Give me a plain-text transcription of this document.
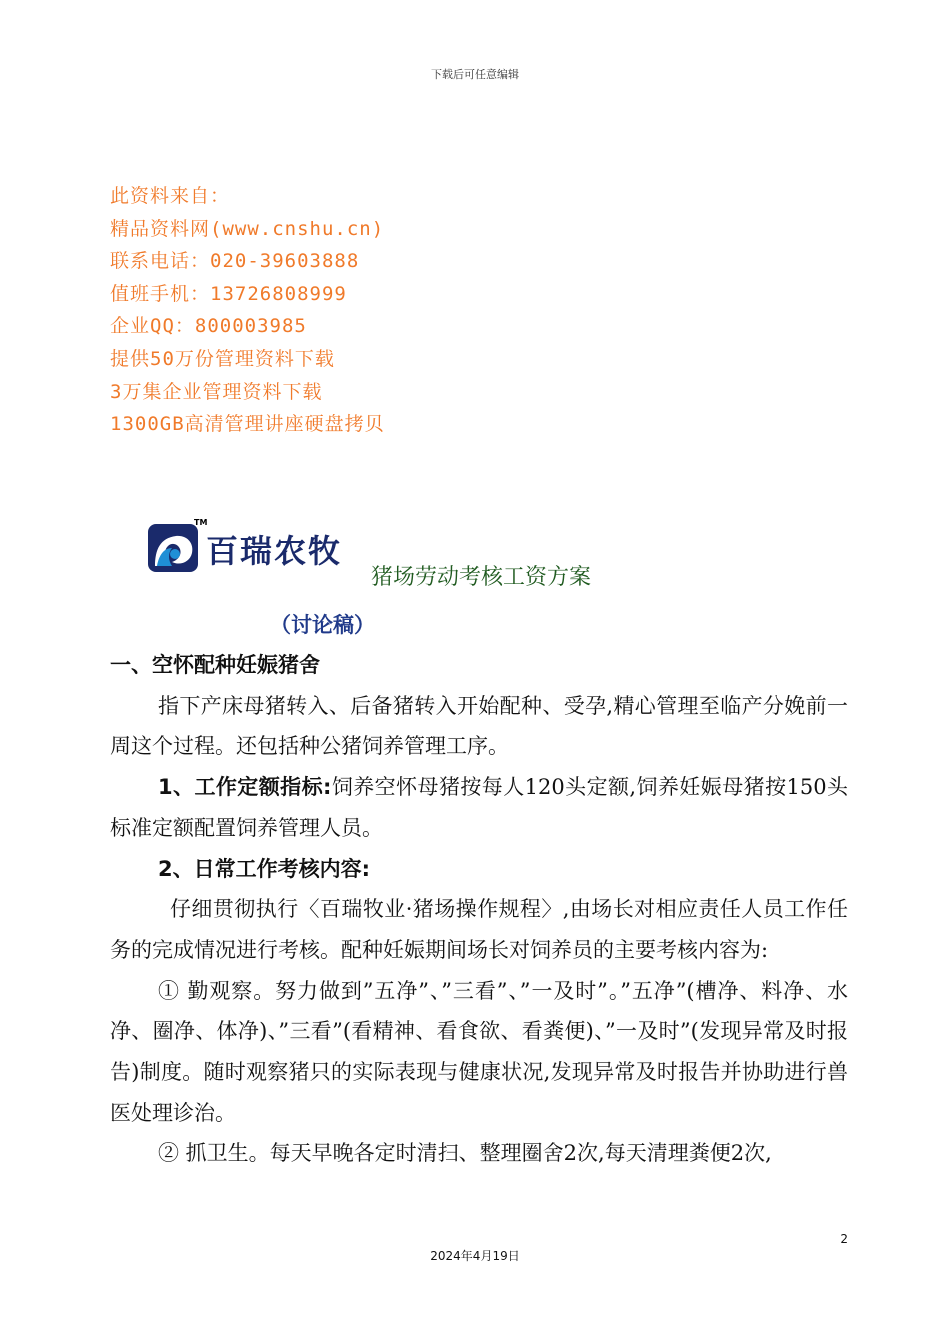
下载后可任意编辑
此资料来自：
精品资料网(www.cnshu.cn)
联系电话：020-39603888
值班手机：13726808999
企业QQ：800003985
提供50万份管理资料下载
3万集企业管理资料下载
1300GB高清管理讲座硬盘拷贝
TM
百瑞农牧
猪场劳动考核工资方案
（讨论稿）

一、空怀配种妊娠猪舍

指下产床母猪转入、后备猪转入开始配种、受孕,精心管理至临产分娩前一周这个过程。还包括种公猪饲养管理工序。

1、工作定额指标:饲养空怀母猪按每人120头定额,饲养妊娠母猪按150头标准定额配置饲养管理人员。

2、日常工作考核内容:

仔细贯彻执行〈百瑞牧业·猪场操作规程〉,由场长对相应责任人员工作任务的完成情况进行考核。配种妊娠期间场长对饲养员的主要考核内容为:

① 勤观察。努力做到”五净”、”三看”、”一及时”。”五净”(槽净、料净、水净、圈净、体净)、”三看”(看精神、看食欲、看粪便)、”一及时”(发现异常及时报告)制度。随时观察猪只的实际表现与健康状况,发现异常及时报告并协助进行兽医处理诊治。

② 抓卫生。每天早晚各定时清扫、整理圈舍2次,每天清理粪便2次,

2
2024年4月19日
